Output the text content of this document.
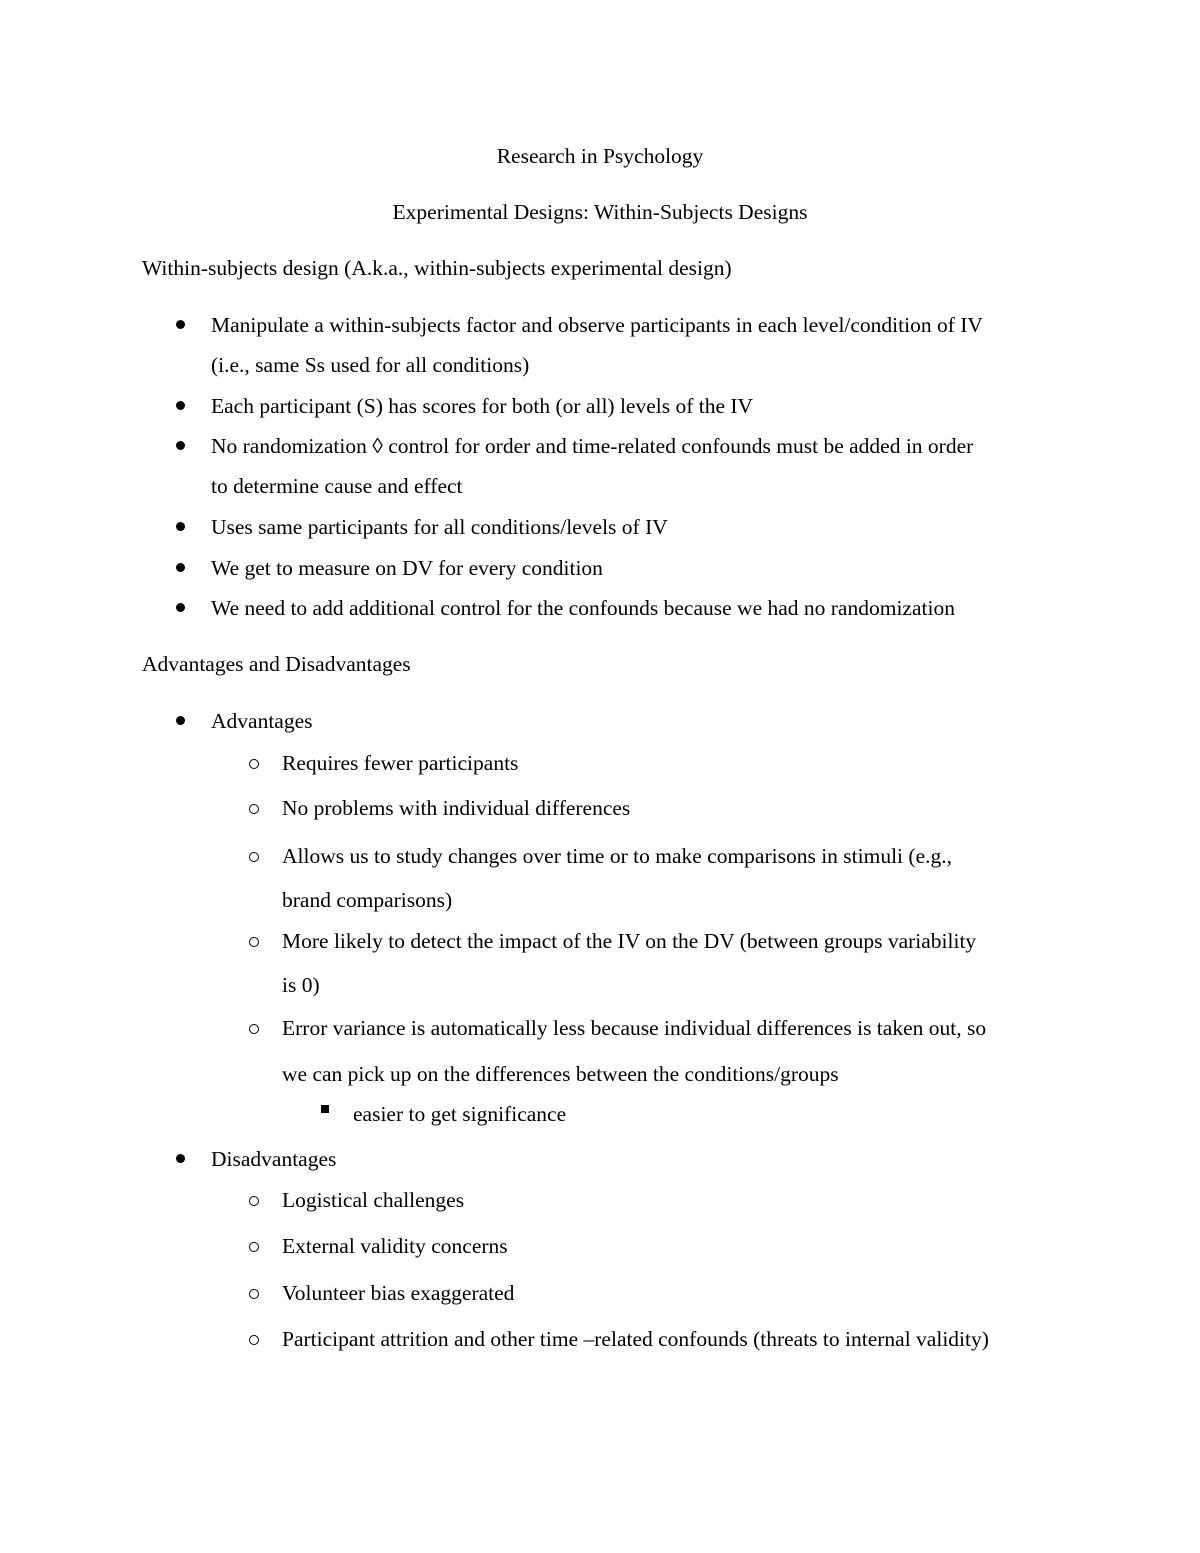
Research in Psychology
Experimental Designs: Within-Subjects Designs
Within-subjects design (A.k.a., within-subjects experimental design)
Manipulate a within-subjects factor and observe participants in each level/condition of IV
(i.e., same Ss used for all conditions)
Each participant (S) has scores for both (or all) levels of the IV
No randomization ◊ control for order and time-related confounds must be added in order
to determine cause and effect
Uses same participants for all conditions/levels of IV
We get to measure on DV for every condition
We need to add additional control for the confounds because we had no randomization
Advantages and Disadvantages
Advantages
Requires fewer participants
No problems with individual differences
Allows us to study changes over time or to make comparisons in stimuli (e.g.,
brand comparisons)
More likely to detect the impact of the IV on the DV (between groups variability
is 0)
Error variance is automatically less because individual differences is taken out, so
we can pick up on the differences between the conditions/groups
easier to get significance
Disadvantages
Logistical challenges
External validity concerns
Volunteer bias exaggerated
Participant attrition and other time –related confounds (threats to internal validity)
